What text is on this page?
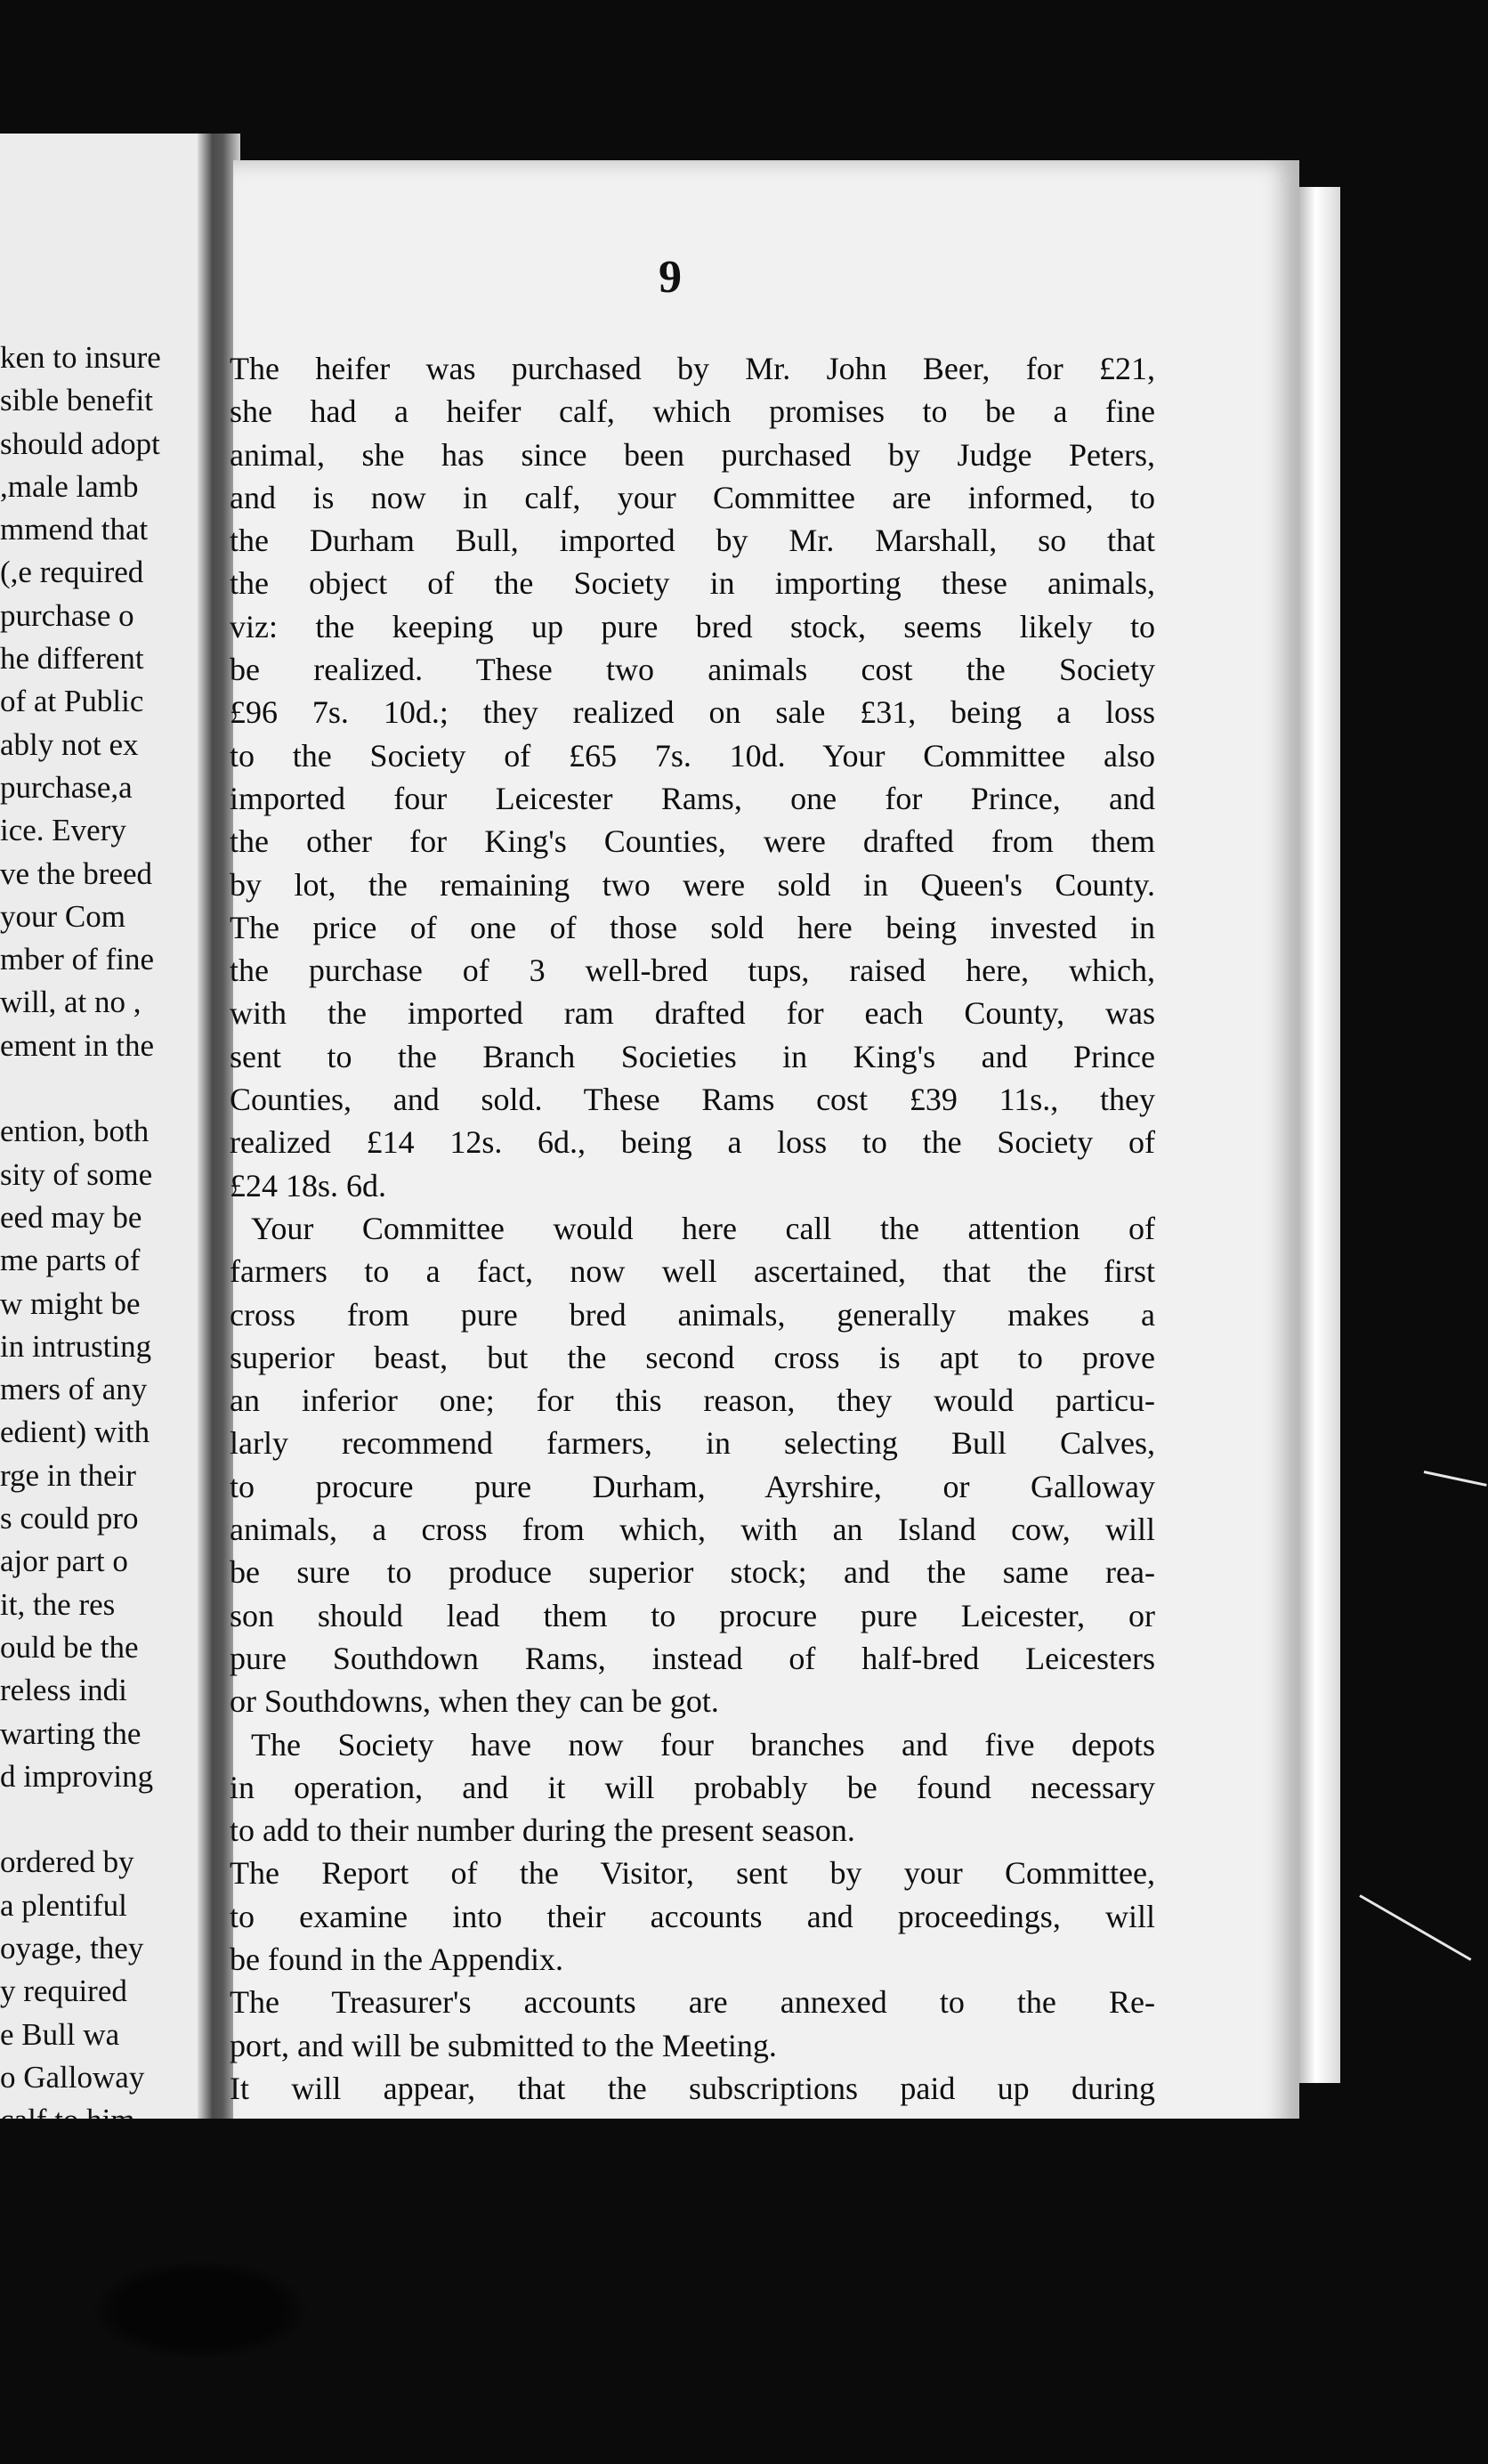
ken to insure
sible benefit
should adopt
male lamb,
mmend that
e required,)
purchase o
he different
of at Public
ably not ex
purchase,a
ice. Every
ve the breed
your Com
mber of fine
, will, at no
ement in the
ention, both
sity of some
eed may be
me parts of
w might be
in intrusting
mers of any
edient) with
rge in their
s could pro
ajor part o
it, the res
ould be the
reless indi
warting the
d improving
ordered by
a plentiful
oyage, they
y required
e Bull wa
o Galloway
9
The heifer was purchased by Mr. John Beer, for £21,
she had a heifer calf, which promises to be a fine
animal, she has since been purchased by Judge Peters,
and is now in calf, your Committee are informed, to
the Durham Bull, imported by Mr. Marshall, so that
the object of the Society in importing these animals,
viz: the keeping up pure bred stock, seems likely to
be realized. These two animals cost the Society
£96 7s. 10d.; they realized on sale £31, being a loss
to the Society of £65 7s. 10d. Your Committee also
imported four Leicester Rams, one for Prince, and
the other for King's Counties, were drafted from them
by lot, the remaining two were sold in Queen's County.
The price of one of those sold here being invested in
the purchase of 3 well-bred tups, raised here, which,
with the imported ram drafted for each County, was
sent to the Branch Societies in King's and Prince
Counties, and sold. These Rams cost £39 11s., they
realized £14 12s. 6d., being a loss to the Society of
£24 18s. 6d.
Your Committee would here call the attention of
farmers to a fact, now well ascertained, that the first
cross from pure bred animals, generally makes a
superior beast, but the second cross is apt to prove
an inferior one; for this reason, they would particu-
larly recommend farmers, in selecting Bull Calves,
to procure pure Durham, Ayrshire, or Galloway
animals, a cross from which, with an Island cow, will
be sure to produce superior stock; and the same rea-
son should lead them to procure pure Leicester, or
pure Southdown Rams, instead of half-bred Leicesters
or Southdowns, when they can be got.
The Society have now four branches and five depots
in operation, and it will probably be found necessary
to add to their number during the present season.
The Report of the Visitor, sent by your Committee,
to examine into their accounts and proceedings, will
be found in the Appendix.
The Treasurer's accounts are annexed to the Re-
port, and will be submitted to the Meeting.
It will appear, that the subscriptions paid up during
